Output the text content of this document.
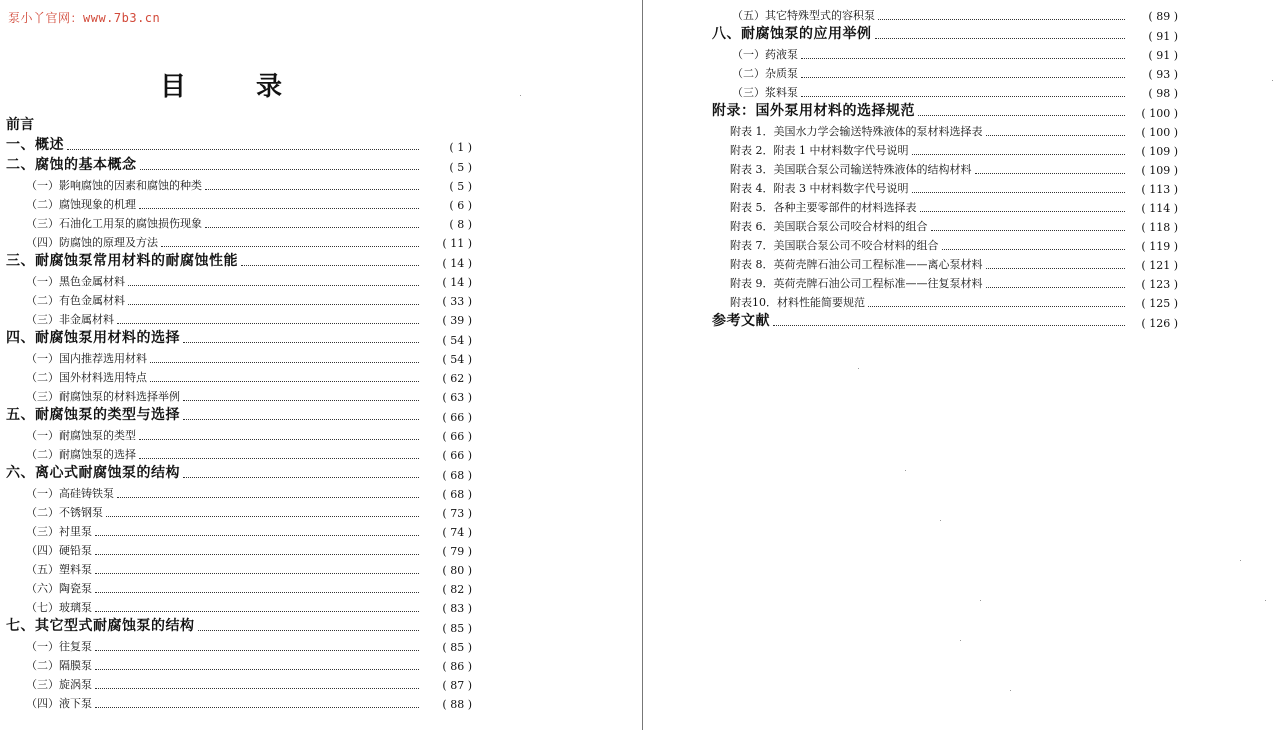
泵小丫官网：www.7b3.cn
目录
前言
一、概述	( 1 )
二、腐蚀的基本概念	( 5 )
（一）影响腐蚀的因素和腐蚀的种类	( 5 )
（二）腐蚀现象的机理	( 6 )
（三）石油化工用泵的腐蚀损伤现象	( 8 )
（四）防腐蚀的原理及方法	( 11 )
三、耐腐蚀泵常用材料的耐腐蚀性能	( 14 )
（一）黑色金属材料	( 14 )
（二）有色金属材料	( 33 )
（三）非金属材料	( 39 )
四、耐腐蚀泵用材料的选择	( 54 )
（一）国内推荐选用材料	( 54 )
（二）国外材料选用特点	( 62 )
（三）耐腐蚀泵的材料选择举例	( 63 )
五、耐腐蚀泵的类型与选择	( 66 )
（一）耐腐蚀泵的类型	( 66 )
（二）耐腐蚀泵的选择	( 66 )
六、离心式耐腐蚀泵的结构	( 68 )
（一）高硅铸铁泵	( 68 )
（二）不锈钢泵	( 73 )
（三）衬里泵	( 74 )
（四）硬铅泵	( 79 )
（五）塑料泵	( 80 )
（六）陶瓷泵	( 82 )
（七）玻璃泵	( 83 )
七、其它型式耐腐蚀泵的结构	( 85 )
（一）往复泵	( 85 )
（二）隔膜泵	( 86 )
（三）旋涡泵	( 87 )
（四）液下泵	( 88 )
（五）其它特殊型式的容积泵	( 89 )
八、耐腐蚀泵的应用举例	( 91 )
（一）药液泵	( 91 )
（二）杂质泵	( 93 )
（三）浆料泵	( 98 )
附录：国外泵用材料的选择规范	( 100 )
附表 1．美国水力学会输送特殊液体的泵材料选择表	( 100 )
附表 2．附表 1 中材料数字代号说明	( 109 )
附表 3．美国联合泵公司输送特殊液体的结构材料	( 109 )
附表 4．附表 3 中材料数字代号说明	( 113 )
附表 5．各种主要零部件的材料选择表	( 114 )
附表 6．美国联合泵公司咬合材料的组合	( 118 )
附表 7．美国联合泵公司不咬合材料的组合	( 119 )
附表 8．英荷壳牌石油公司工程标准——离心泵材料	( 121 )
附表 9．英荷壳牌石油公司工程标准——往复泵材料	( 123 )
附表10．材料性能简要规范	( 125 )
参考文献	( 126 )
